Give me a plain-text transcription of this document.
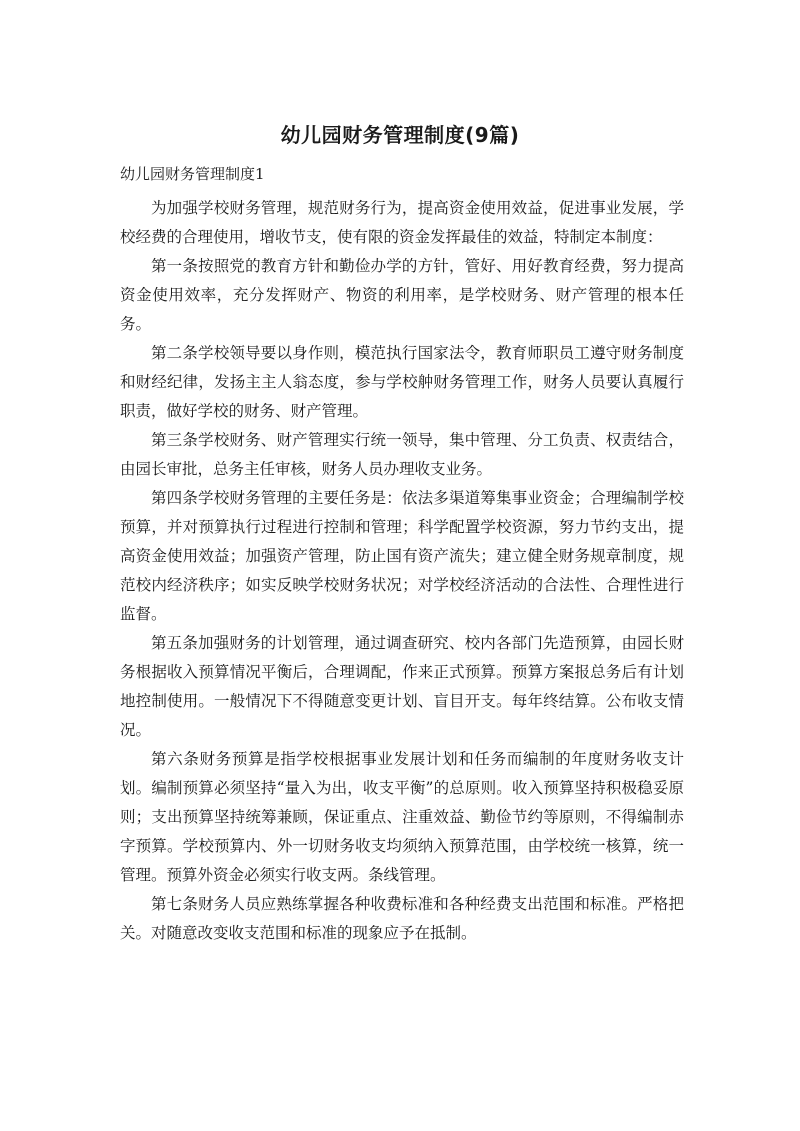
幼儿园财务管理制度(9篇)
幼儿园财务管理制度1

为加强学校财务管理，规范财务行为，提高资金使用效益，促进事业发展，学校经费的合理使用，增收节支，使有限的资金发挥最佳的效益，特制定本制度：

第一条按照党的教育方针和勤俭办学的方针，管好、用好教育经费，努力提高资金使用效率，充分发挥财产、物资的利用率，是学校财务、财产管理的根本任务。

第二条学校领导要以身作则，模范执行国家法令，教育师职员工遵守财务制度和财经纪律，发扬主主人翁态度，参与学校舯财务管理工作，财务人员要认真履行职责，做好学校的财务、财产管理。

第三条学校财务、财产管理实行统一领导，集中管理、分工负责、权责结合，由园长审批，总务主任审核，财务人员办理收支业务。

第四条学校财务管理的主要任务是：依法多渠道筹集事业资金；合理编制学校预算，并对预算执行过程进行控制和管理；科学配置学校资源，努力节约支出，提高资金使用效益；加强资产管理，防止国有资产流失；建立健全财务规章制度，规范校内经济秩序；如实反映学校财务状况；对学校经济活动的合法性、合理性进行监督。

第五条加强财务的计划管理，通过调查研究、校内各部门先造预算，由园长财务根据收入预算情况平衡后，合理调配，作来正式预算。预算方案报总务后有计划地控制使用。一般情况下不得随意变更计划、盲目开支。每年终结算。公布收支情况。

第六条财务预算是指学校根据事业发展计划和任务而编制的年度财务收支计划。编制预算必须坚持“量入为出，收支平衡”的总原则。收入预算坚持积极稳妥原则；支出预算坚持统筹兼顾，保证重点、注重效益、勤俭节约等原则，不得编制赤字预算。学校预算内、外一切财务收支均须纳入预算范围，由学校统一核算，统一管理。预算外资金必须实行收支两。条线管理。

第七条财务人员应熟练掌握各种收费标准和各种经费支出范围和标准。严格把关。对随意改变收支范围和标准的现象应予在抵制。
